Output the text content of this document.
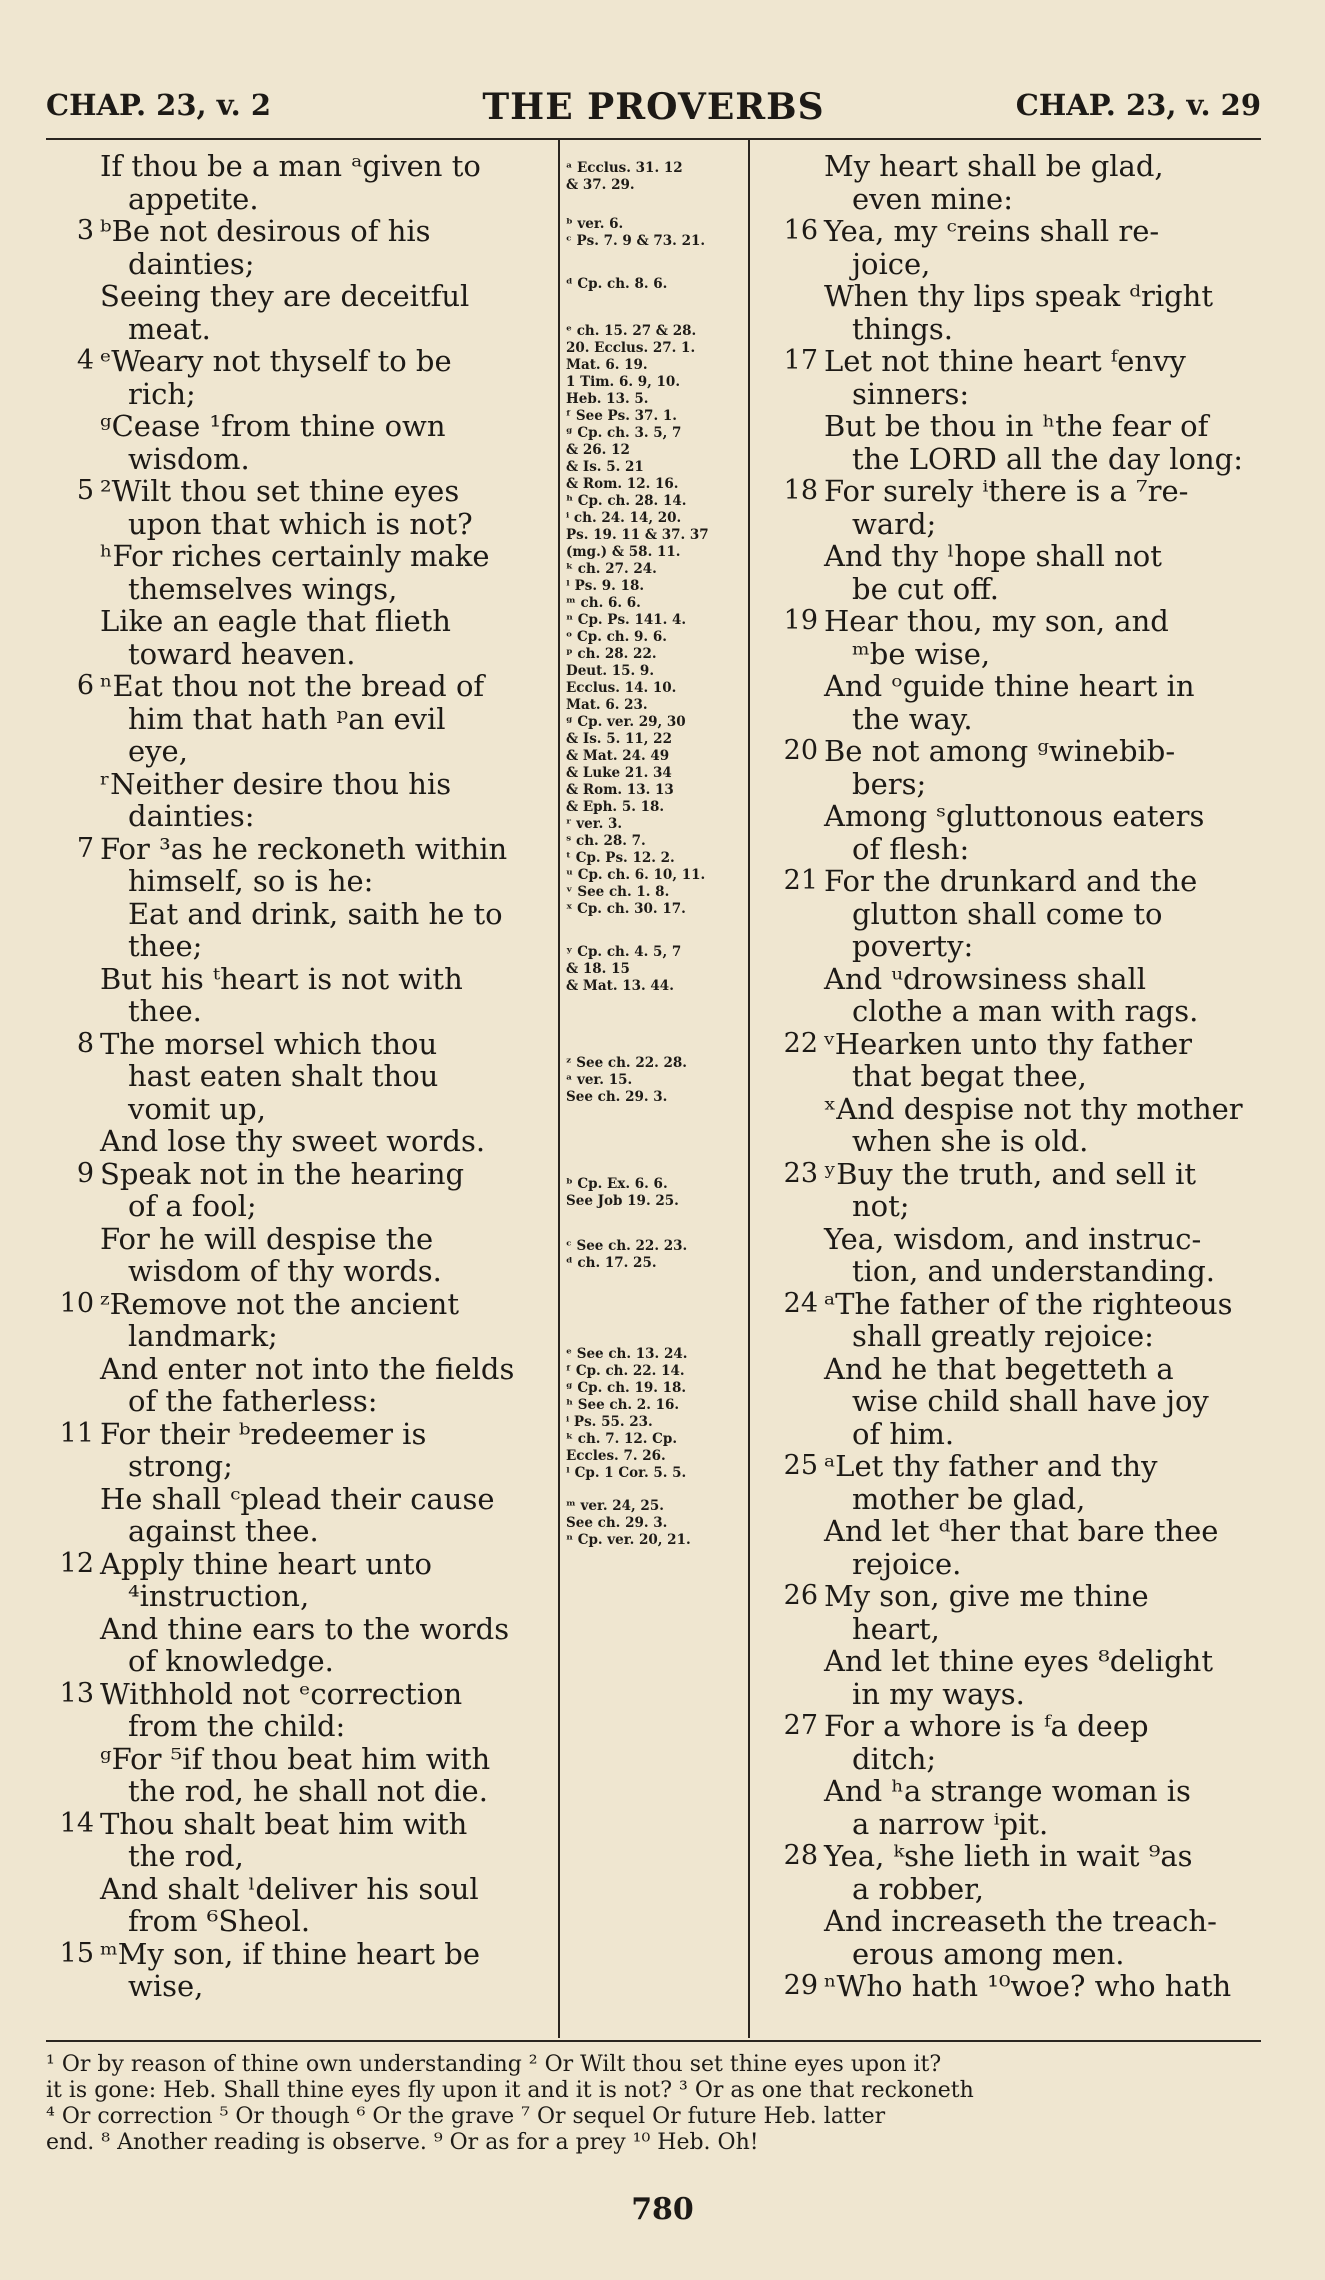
CHAP. 23, v. 2	THE PROVERBS	CHAP. 23, v. 29
If thou be a man ᵃgiven to
appetite.
3 ᵇBe not desirous of his
dainties;
Seeing they are deceitful
meat.
4 ᵉWeary not thyself to be
rich;
ᵍCease ¹from thine own
wisdom.
5 ²Wilt thou set thine eyes
upon that which is not?
ʰFor riches certainly make
themselves wings,
Like an eagle that flieth
toward heaven.
6 ⁿEat thou not the bread of
him that hath ᵖan evil
eye,
ʳNeither desire thou his
dainties:
7 For ³as he reckoneth within
himself, so is he:
Eat and drink, saith he to
thee;
But his ᵗheart is not with
thee.
8 The morsel which thou
hast eaten shalt thou
vomit up,
And lose thy sweet words.
9 Speak not in the hearing
of a fool;
For he will despise the
wisdom of thy words.
10 ᶻRemove not the ancient
landmark;
And enter not into the fields
of the fatherless:
11 For their ᵇredeemer is
strong;
He shall ᶜplead their cause
against thee.
12 Apply thine heart unto
⁴instruction,
And thine ears to the words
of knowledge.
13 Withhold not ᵉcorrection
from the child:
ᵍFor ⁵if thou beat him with
the rod, he shall not die.
14 Thou shalt beat him with
the rod,
And shalt ˡdeliver his soul
from ⁶Sheol.
15 ᵐMy son, if thine heart be
wise,
ᵃ Ecclus. 31. 12
& 37. 29.
ᵇ ver. 6.
ᶜ Ps. 7. 9 & 73. 21.
ᵈ Cp. ch. 8. 6.
ᵉ ch. 15. 27 & 28.
20. Ecclus. 27. 1.
Mat. 6. 19.
1 Tim. 6. 9, 10.
Heb. 13. 5.
ᶠ See Ps. 37. 1.
ᵍ Cp. ch. 3. 5, 7
& 26. 12
& Is. 5. 21
& Rom. 12. 16.
ʰ Cp. ch. 28. 14.
ⁱ ch. 24. 14, 20.
Ps. 19. 11 & 37. 37
(mg.) & 58. 11.
ᵏ ch. 27. 24.
ˡ Ps. 9. 18.
ᵐ ch. 6. 6.
ⁿ Cp. Ps. 141. 4.
ᵒ Cp. ch. 9. 6.
ᵖ ch. 28. 22.
Deut. 15. 9.
Ecclus. 14. 10.
Mat. 6. 23.
ᵍ Cp. ver. 29, 30
& Is. 5. 11, 22
& Mat. 24. 49
& Luke 21. 34
& Rom. 13. 13
& Eph. 5. 18.
ʳ ver. 3.
ˢ ch. 28. 7.
ᵗ Cp. Ps. 12. 2.
ᵘ Cp. ch. 6. 10, 11.
ᵛ See ch. 1. 8.
ˣ Cp. ch. 30. 17.
ʸ Cp. ch. 4. 5, 7
& 18. 15
& Mat. 13. 44.
ᶻ See ch. 22. 28.
ᵃ ver. 15.
See ch. 29. 3.
ᵇ Cp. Ex. 6. 6.
See Job 19. 25.
ᶜ See ch. 22. 23.
ᵈ ch. 17. 25.
ᵉ See ch. 13. 24.
ᶠ Cp. ch. 22. 14.
ᵍ Cp. ch. 19. 18.
ʰ See ch. 2. 16.
ⁱ Ps. 55. 23.
ᵏ ch. 7. 12. Cp.
Eccles. 7. 26.
ˡ Cp. 1 Cor. 5. 5.
ᵐ ver. 24, 25.
See ch. 29. 3.
ⁿ Cp. ver. 20, 21.
My heart shall be glad,
even mine:
16 Yea, my ᶜreins shall re-
joice,
When thy lips speak ᵈright
things.
17 Let not thine heart ᶠenvy
sinners:
But be thou in ʰthe fear of
the LORD all the day long:
18 For surely ⁱthere is a ⁷re-
ward;
And thy ˡhope shall not
be cut off.
19 Hear thou, my son, and
ᵐbe wise,
And ᵒguide thine heart in
the way.
20 Be not among ᵍwinebib-
bers;
Among ˢgluttonous eaters
of flesh:
21 For the drunkard and the
glutton shall come to
poverty:
And ᵘdrowsiness shall
clothe a man with rags.
22 ᵛHearken unto thy father
that begat thee,
ˣAnd despise not thy mother
when she is old.
23 ʸBuy the truth, and sell it
not;
Yea, wisdom, and instruc-
tion, and understanding.
24 ᵃThe father of the righteous
shall greatly rejoice:
And he that begetteth a
wise child shall have joy
of him.
25 ᵃLet thy father and thy
mother be glad,
And let ᵈher that bare thee
rejoice.
26 My son, give me thine
heart,
And let thine eyes ⁸delight
in my ways.
27 For a whore is ᶠa deep
ditch;
And ʰa strange woman is
a narrow ⁱpit.
28 Yea, ᵏshe lieth in wait ⁹as
a robber,
And increaseth the treach-
erous among men.
29 ⁿWho hath ¹⁰woe? who hath
¹ Or by reason of thine own understanding ² Or Wilt thou set thine eyes upon it?
it is gone: Heb. Shall thine eyes fly upon it and it is not? ³ Or as one that reckoneth
⁴ Or correction ⁵ Or though ⁶ Or the grave ⁷ Or sequel Or future Heb. latter
end. ⁸ Another reading is observe. ⁹ Or as for a prey ¹⁰ Heb. Oh!
780
